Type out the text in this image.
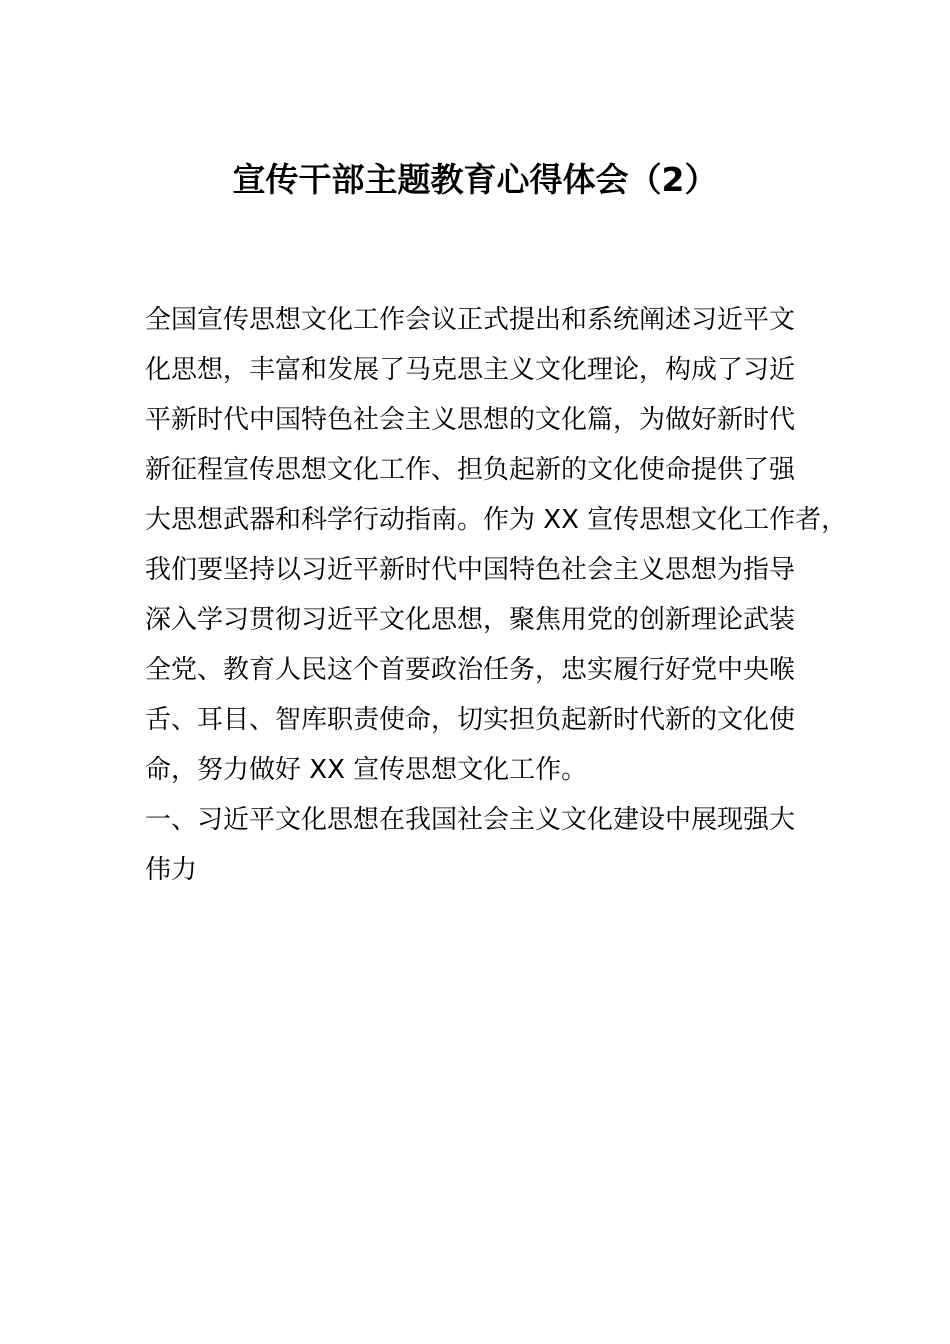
宣传干部主题教育心得体会（2）
全国宣传思想文化工作会议正式提出和系统阐述习近平文
化思想，丰富和发展了马克思主义文化理论，构成了习近
平新时代中国特色社会主义思想的文化篇，为做好新时代
新征程宣传思想文化工作、担负起新的文化使命提供了强
大思想武器和科学行动指南。作为 XX 宣传思想文化工作者，
我们要坚持以习近平新时代中国特色社会主义思想为指导
深入学习贯彻习近平文化思想，聚焦用党的创新理论武装
全党、教育人民这个首要政治任务，忠实履行好党中央喉
舌、耳目、智库职责使命，切实担负起新时代新的文化使
命，努力做好 XX 宣传思想文化工作。
一、习近平文化思想在我国社会主义文化建设中展现强大
伟力
